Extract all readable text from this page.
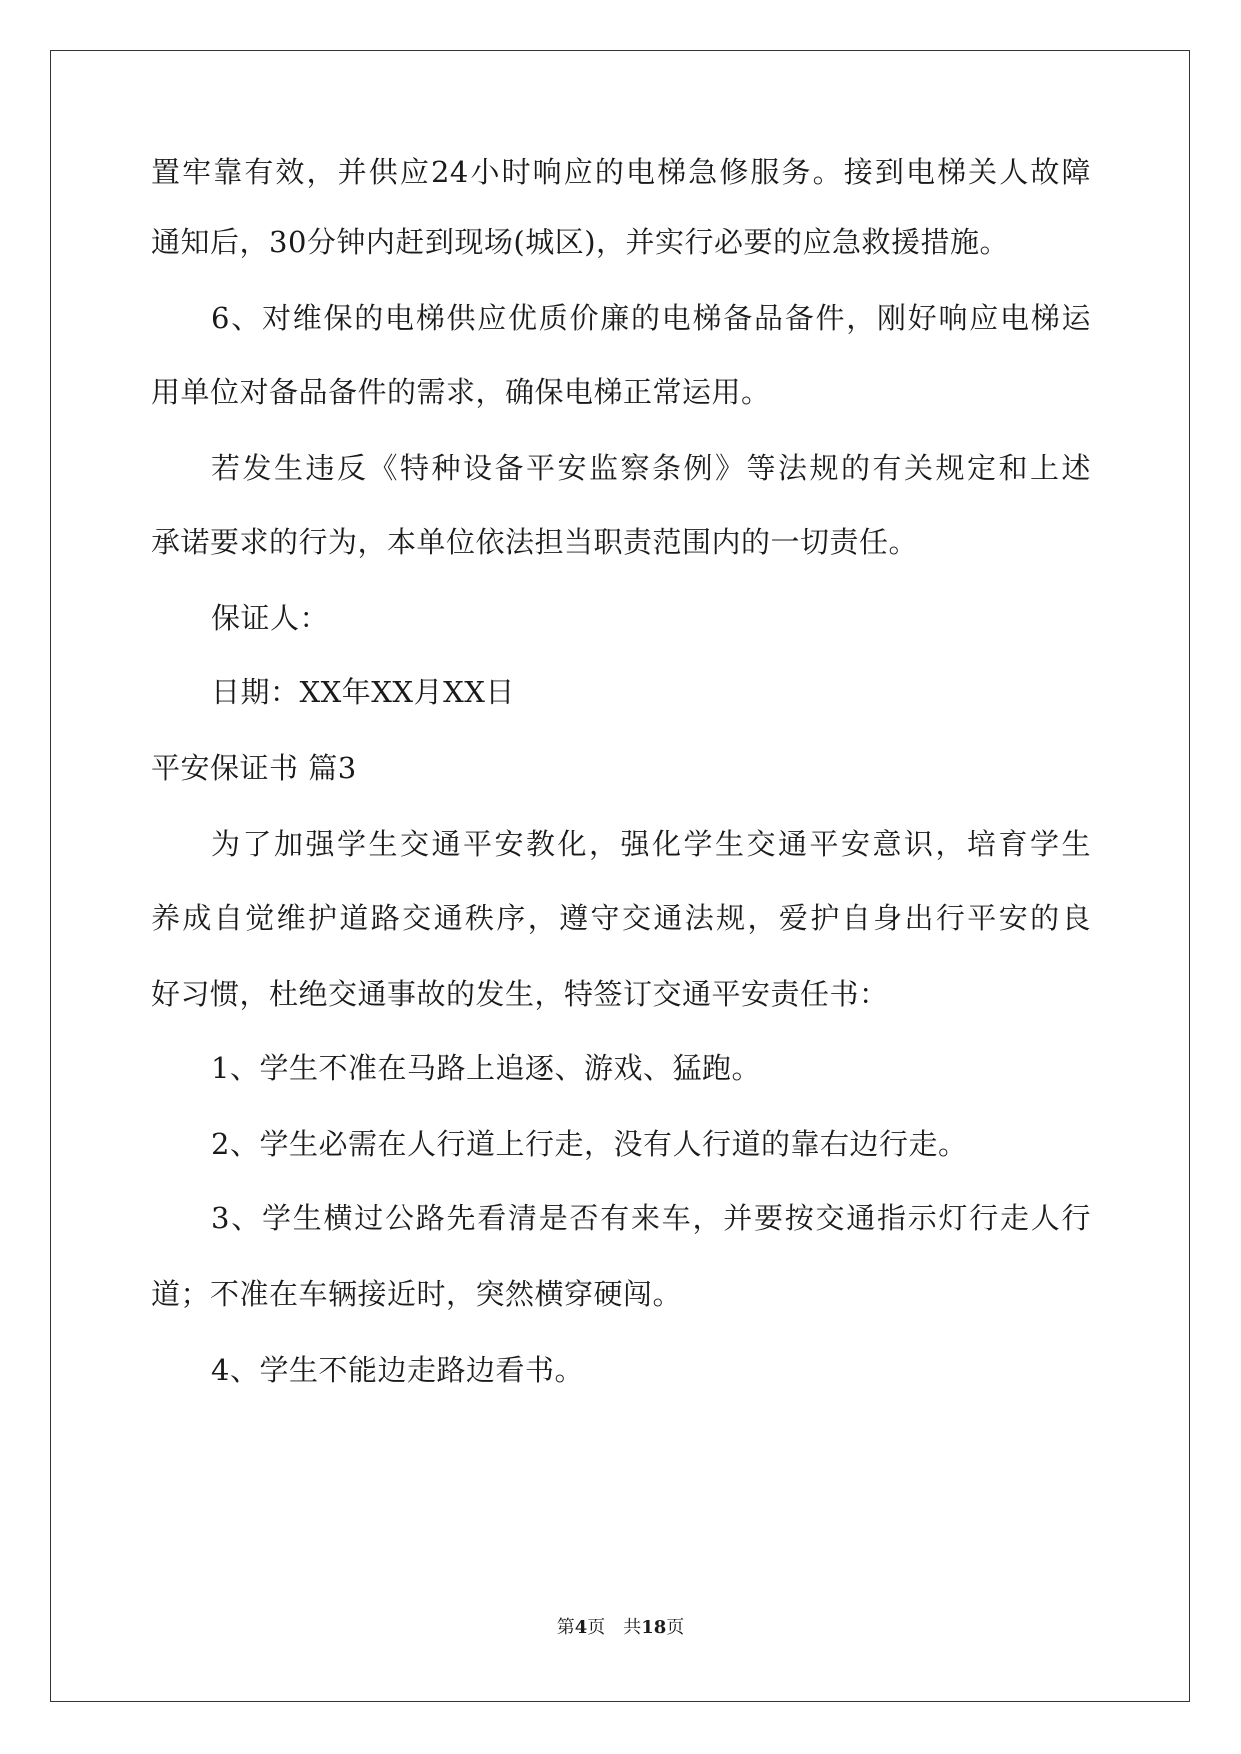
置牢靠有效，并供应24小时响应的电梯急修服务。接到电梯关人故障
通知后，30分钟内赶到现场(城区)，并实行必要的应急救援措施。
6、对维保的电梯供应优质价廉的电梯备品备件，刚好响应电梯运
用单位对备品备件的需求，确保电梯正常运用。
若发生违反《特种设备平安监察条例》等法规的有关规定和上述
承诺要求的行为，本单位依法担当职责范围内的一切责任。
保证人：
日期：XX年XX月XX日
平安保证书 篇3
为了加强学生交通平安教化，强化学生交通平安意识，培育学生
养成自觉维护道路交通秩序，遵守交通法规，爱护自身出行平安的良
好习惯，杜绝交通事故的发生，特签订交通平安责任书：
1、学生不准在马路上追逐、游戏、猛跑。
2、学生必需在人行道上行走，没有人行道的靠右边行走。
3、学生横过公路先看清是否有来车，并要按交通指示灯行走人行
道；不准在车辆接近时，突然横穿硬闯。
4、学生不能边走路边看书。
第4页　共18页
